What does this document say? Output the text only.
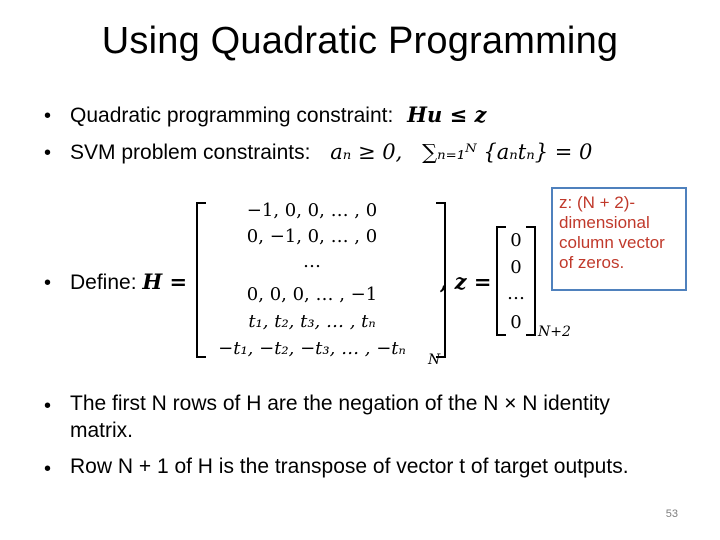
Using Quadratic Programming
• Quadratic programming constraint: Hu ≤ z
• SVM problem constraints: aₙ ≥ 0, ∑ₙ₌₁ᴺ {aₙtₙ} = 0
• Define: H =
−1, 0, 0, … , 0
0, −1, 0, … , 0
…
0, 0, 0, … , −1
t₁, t₂, t₃, … , tₙ
−t₁, −t₂, −t₃, … , −tₙ
N
, z =
0
0
…
0	N+2
z: (N + 2)-
dimensional
column vector
of zeros.
• The first N rows of H are the negation of the N × N identity
matrix.
• Row N + 1 of H is the transpose of vector t of target outputs.
53
